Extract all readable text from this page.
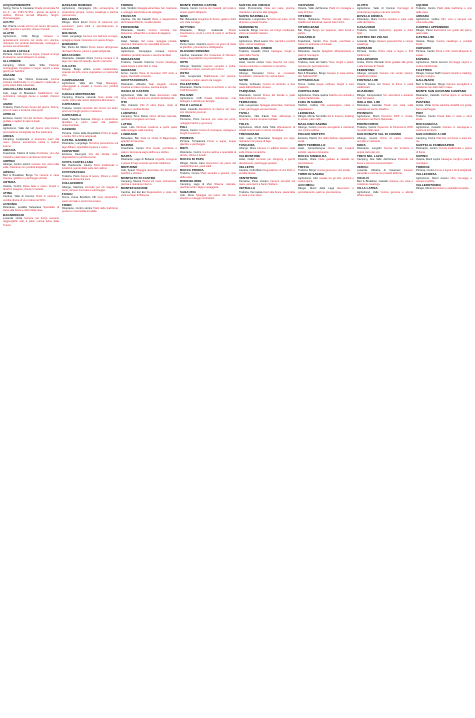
ACQUAPENDENTE
Spring, Terme S. Cassiano Strada provinciale 54 km 3 - tel. 0763.717151 - aperto da aprile a ottobre. Piscine termali all'aperto, fanghi, idromassaggio.
ACUTO
Bar, Piazza Locale storico nel centro del paese, caffè, aperitivi e spuntini; chiuso il lunedì.
ALATRI
Agriturismo, Colle Borgo Camere e appartamenti immersi nel verde con piscina, ristorante con prodotti dell'azienda, maneggio e percorsi escursionistici.
ALBANO LAZIALE
Pizzeria, Centro Forno a legna, impasti a lunga lievitazione, tavoli all'aperto in estate.
ALLUMIERE
Camping, Monti della Tolfa Piazzole ombreggiate, bungalow in legno, servizi e area giochi per bambini.
ANAGNI
Ristorante, Via Vittorio Emanuele Cucina ciociara tradizionale in un palazzo medievale a pochi passi dalla cattedrale.
ANGUILLARA SABAZIA
Lido, Lago di Bracciano Stabilimento con ombrelloni, noleggio canoe e pedalò, chiosco bar.
ANZIO
Trattoria, Porto Pesce fresco del giorno, fritture, primi di mare e terrazza vista porto.
APRILIA
Enoteca, Centro Vini del territorio, degustazioni guidate e taglieri di salumi locali.
ARCE
Agriturismo, Valle del Liri Aperto tutto l'anno, prenotazione consigliata nei fine settimana.
ARDEA
Camping, Lungomare A duecento metri dal mare, piscina, animazione estiva e market interno.
ARICCIA
Fraschetta, Piazza di Corte Porchetta, vino dei Castelli e piatti tipici in ambiente informale.
ARPINO
Albergo, Centro storico Camere con vista sulla valle, colazione con prodotti artigianali.
ARSOLI
Bed & Breakfast, Borgo Tre camere in casa d'epoca, giardino e parcheggio privato.
ARTENA
Osteria, Centro Pasta fatta a mano, funghi e tartufi in stagione, chiuso il martedì.
ATINA
Cantina, Valle di Comino Visite in cantina e vendita diretta di vino Cabernet DOC.
AUSONIA
Ristorante, Località Selvacava Specialità di carne alla brace e dolci della casa.
BAGNOREGIO
Locanda, Civita Camere nel borgo sospeso raggiungibile solo a piedi, cucina tipica della Tuscia.
BASSANO ROMANO
Agriturismo, Campagna Olio extravergine di produzione propria, cucina casalinga e piscina panoramica.
BELLEGRA
Rifugio, Monti Ernici Punto di partenza per escursioni, pasti caldi e pernottamento in camerata.
BOLSENA
Hotel, Lungolago Camere con balcone sul lago, spiaggia privata, ristorante con pesce di lago.
BOMARZO
Bar, Parco dei Mostri Punto ristoro all'ingresso del Sacro Bosco, panini e gelati artigianali.
BRACCIANO
Ristorante, Castello Orsini Cucina romana e di lago con vista sul castello, tavoli in terrazza.
CALCATA
Osteria, Borgo antico Locale caratteristico scavato nel tufo, menu vegetariano e musica dal vivo.
CAMPAGNANO
Agriturismo, Valle del Treja Maneggio, passeggiate a cavallo e cucina con prodotti biologici.
CANALE MONTERANO
Camping, Riserva naturale Area tende nel verde, vicino alle rovine dell'antica Monterano.
CAPRANICA
Trattoria, Centro Nocciole dei Cimini nei dolci, primi con funghi porcini in autunno.
CAPRAROLA
Hotel, Palazzo Farnese Albergo a conduzione familiare a pochi passi dal palazzo rinascimentale.
CASSINO
Pizzeria, Corso della Repubblica Pizza al taglio e tonda, fritti e birre artigianali.
CASTEL GANDOLFO
Ristorante, Lungolago Terrazza panoramica sul lago Albano, specialità di pesce e carne.
CERVETERI
Enoteca, Necropoli Vini del litorale nord, degustazioni e piccola cucina.
CIVITA CASTELLANA
Bar Pasticceria, Centro Dolci tradizionali e colazioni, aperto dalle sette del mattino.
CIVITAVECCHIA
Trattoria, Porto Zuppa di pesce, fritture e crudi, chiuso la domenica sera.
COLLEFERRO
Albergo, Stazione Comodo per chi viaggia in treno, camere rinnovate e parcheggio.
FIUGGI
Terme, Fonte Bonifacio VIII Cure idropiniche, parco termale e centro benessere.
FONDI
Ristorante, Centro storico Piatti della tradizione pontina e mozzarella di bufala.
FORMIA
Lido, Vindicio Spiaggia attrezzata, bar, ristorante e noleggio attrezzatura da spiaggia.
FRASCATI
Cantina, Via dei Castelli Visite e degustazioni del Frascati DOCG, vendita diretta.
FROSINONE
Ristorante, Centro Cucina ciociara con fettuccine, abbacchio e verdure di stagione.
GAETA
Hotel, Serapo Sul mare, spiaggia privata, piscina e ristorante con specialità di pesce.
GALLICANO
Agriturismo, Campagna romana Fattoria didattica, prodotti caseari e camere familiari.
GENAZZANO
Trattoria, Castello Colonna Cucina casalinga, pasta fresca e dolci fatti in casa.
GENZANO
Forno, Centro Pane di Genzano IGP cotto a legna, ciambelle e biscotti.
GROTTAFERRATA
Ristorante, Abbazia Sale eleganti, cucina creativa su base romana, cantina ampia.
ISCHIA DI CASTRO
Agriturismo, Valle del Fiora Escursioni nelle forre, cavalli e cucina con prodotti dell'azienda.
ITRI
Olio, Frantoio Olio di oliva Itrana, visite al frantoio e vendita diretta.
LADISPOLI
Camping, Torre Flavia Vicino all'oasi naturale, piazzole e bungalow sul mare.
LATINA
Hotel, Lido Struttura moderna a pochi passi dalla spiaggia, sala meeting.
LUBRIANO
Belvedere, Bar Vista su Civita di Bagnoregio, aperitivi al tramonto.
MARINO
Fraschetta, Centro Vino locale, porchetta e salumi, famosa la sagra dell'uva a ottobre.
MARTA
Ristorante, Lago di Bolsena Anguilla, coregone e pesce di lago cucinati secondo tradizione.
MINTURNO
Lido, Scauri Spiaggia attrezzata con servizi per bambini e chiosco.
MONTALTO DI CASTRO
Camping, Marina Pineta sul mare, animazione, piscina e ristorante interno.
MONTEFIASCONE
Cantina, Est Est Est Degustazioni e visite con vista sul lago di Bolsena.
MONTE PORZIO CATONE
Osteria, Centro Cucina dei Castelli, vini locali e ampio spazio all'aperto.
NEMI
Bar, Belvedere Fragoline di bosco, gelati e dolci con vista sul lago.
NETTUNO
Ristorante, Borgo medievale Pesce freschissimo, crudi e primi di mare in ambiente curato.
NINFA
Punto ristoro, Giardino Aperto nei giorni di visita al giardino, prenotazione obbligatoria.
OLEVANO ROMANO
Cantina, Cesanese Vini Cesanese di Olevano, visite e degustazioni su prenotazione.
ORTE
Albergo, Stazione Camere semplici e pulite, colazione inclusa, comodo per il treno.
OSTIA
Lido, Lungomare Stabilimento con piscina, ristorante e lettini, aperto da maggio.
PALESTRINA
Ristorante, Piazza Cucina di territorio e vini dei Colli Prenestini.
PALIANO
Agriturismo, Colli Casale ristrutturato, orto biologico e attività per famiglie.
PALO LAZIALE
Hotel, Castello Residenza di charme sul mare con ristorante gourmet.
PONZA
Pensione, Porto Camere con vista sul porto, noleggio barche e gommoni.
POLI
Osteria, Centro Cucina di montagna, castagne e funghi in autunno.
POMEZIA
Pizzeria, Torvaianica Forno a legna, ampio giardino e parcheggio.
RIETI
Ristorante, Centro Cucina sabina e specialità al tartufo, chiuso il lunedì.
ROCCA DI PAPA
Rifugio, Monte Cavo Escursioni nel parco dei Castelli Romani, pasti caldi.
ROCCA PRIORA
Trattoria, Centro Piatti semplici e genuini, vino della casa.
RONCIGLIONE
Camping, Lago di Vico Riserva naturale, piazzole sotto i faggi e spiaggetta.
SABAUDIA
Lido, Dune Spiaggia nel parco del Circeo, chiosco e noleggio ombrelloni.
SAN FELICE CIRCEO
Hotel, Promontorio Vista sul mare, piscina, ristorante e accesso alla spiaggia.
SANTA MARINELLA
Ristorante, Lungomare Terrazza sul mare, crudi di pesce e paste fresche.
SERMONETA
Locanda, Borgo Camere nel borgo medievale, vicino al castello Caetani.
SEZZE
Agriturismo, Monti Lepini Olio, carciofi e prodotti tipici, cucina casalinga.
SORIANO NEL CIMINO
Trattoria, Castello Orsini Castagne, funghi e piatti della Tuscia.
SPERLONGA
Hotel, Centro storico Case bianche sul mare, camere luminose e colazione in terrazza.
SUBIACO
Albergo, Monasteri Vicino ai monasteri benedettini, ristorante con cucina tipica.
SUTRI
Osteria, Anfiteatro Cucina di territorio a due passi dall'anfiteatro romano.
TARQUINIA
Ristorante, Centro Pesce del litorale e piatti della tradizione etrusca.
TERRACINA
Lido, Lungomare Spiaggia attrezzata, ristorante e bar, parcheggio convenzionato.
TIVOLI
Ristorante, Villa d'Este Sale affrescate e terrazza, cucina romana rivisitata.
TOLFA
Agriturismo, Monti della Tolfa Allevamento di cavalli maremmani e cucina contadina.
TREVIGNANO
Lido, Lago di Bracciano Spiaggia sul lago, ristorante con pesce di lago.
TUSCANIA
Albergo, Mura Camere in edificio storico, vista sulle chiese romaniche.
VALMONTONE
Hotel, Outlet Comodo per shopping e parchi divertimento, parcheggio gratuito.
VELLETRI
Cantina, Colli Albani Degustazioni di vini DOC e vendita diretta.
VENTOTENE
Pensione, Porto romano Camere semplici sul mare, escursioni a Santo Stefano.
VETRALLA
Trattoria, Via Cassia Carni alla brace, pasta fatta in casa e vino sfuso.
VICOVARO
Osteria, Valle dell'Aniene Piatti di montagna e trote di fiume.
VITERBO
Terme, Bullicame Piscine termali libere e stabilimenti attrezzati, aperto tutto l'anno.
VITORCHIANO
Bar, Borgo Borgo sul peperino, dolci locali e panini.
ZAGAROLO
Fraschetta, Centro Vino locale, porchetta e salumi in ambiente conviviale.
AMATRICE
Ristorante, Centro Spaghetti all'amatriciana e piatti di montagna.
ANTRODOCO
Trattoria, Gole del Velino Trote, funghi e tartufi, camere per pernottamento.
CASPERIA
Bed & Breakfast, Borgo Camere in casa antica, olio Sabina DOP.
CITTADUCALE
Terme, Cotilia Acque sulfuree, fanghi e cure inalatorie.
CONTIGLIANO
Agriturismo, Piana reatina Fattoria con animali e cucina tradizionale.
FARA IN SABINA
Oleificio, Colline Olio extravergine, visite e degustazioni.
LEONESSA
Rifugio, Monte Terminillo Sci in inverno, trekking in estate, pasti caldi.
MAGLIANO SABINA
Albergo, Centro Camere accoglienti e ristorante con cucina sabina.
POGGIO MIRTETO
Enoteca, Piazza Vini della Sabina, degustazioni serali.
RIETI TERMINILLO
Hotel, Campoforogna Vicino agli impianti sciistici, sauna e ristorante.
ROCCA SINIBALDA
Castello, Visite Visite guidate al castello su prenotazione.
TOFFIA
Trattoria, Borgo Cucina genuina e vino locale.
TORRI IN SABINA
Agriturismo, Ulivi Casale tra gli ulivi, piscina e cucina tipica.
ACCUMOLI
Rifugio, Monti della Laga Escursioni e pernottamento, pasti su prenotazione.
ALVITO
Agriturismo, Valle di Comino Formaggi di produzione propria e camere rustiche.
BOVILLE ERNICA
Ristorante, Mura Cucina ciociara e vista sulla valle del Sacco.
CASALVIERI
Trattoria, Centro Fettuccine, agnello e dolci tipici.
CASTRO DEI VOLSCI
Locanda, Borgo Camere panoramiche e cucina casalinga.
CEPRANO
Pizzeria, Centro Pizza cotta a legna e fritti tradizionali.
COLLEPARDO
Grotte, Pozzo d'Antullo Visite guidate alle grotte e alla Certosa di Trisulti.
FERENTINO
Albergo, Acropoli Camere nel centro storico, colazione inclusa.
FONTANA LIRI
Osteria, Fiume Liri Pesce di fiume e piatti tradizionali.
GUARCINO
Rifugio, Campocatino Sci, escursioni e amaretti tipici del paese.
ISOLA DEL LIRI
Ristorante, Cascata Tavoli con vista sulla cascata nel centro cittadino.
PICINISCO
Agriturismo, Monti Pecorino DOP e ricotta, escursioni nel Parco Nazionale.
PONTECORVO
Trattoria, Centro Peperone di Pontecorvo DOP nei piatti della casa.
SAN DONATO VAL DI COMINO
Albergo, Centro Vicino al parco, camere semplici e ristorante.
SORA
Ristorante, Lungoliri Cucina del territorio e ampia carta dei vini.
TREVI NEL LAZIO
Camping, Alta Valle dell'Aniene Piazzole sul fiume e percorsi escursionistici.
VEROLI
Locanda, Abbazia di Casamari Camere tranquille e cucina con prodotti dell'orto.
VICALVI
Bed & Breakfast, Castello Camere con vista e colazione casalinga.
VILLA LATINA
Agriturismo, Valle Cucina genuina e attività all'aria aperta.
AQUINO
Trattoria, Centro Piatti della tradizione e vino della casa.
ARNARA
Agriturismo, Colline Olio, vino e camere con vista sulla valle.
CAMPOLI APPENNINO
Rifugio, Parco Escursioni con guide del parco, pasti caldi.
CASTELLIRI
Osteria, Borgo Cucina casalinga e prodotti locali.
CERVARO
Pizzeria, Centro Pizza e fritti, tavoli all'aperto in estate.
ESPERIA
Agriturismo, Monti Aurunci Formaggi caprini e cucina tradizionale.
FILETTINO
Rifugio, Campo Staffi Impianti sciistici e trekking, camere in legno.
GALLINARO
Bed & Breakfast, Borgo Camere accoglienti e colazione con dolci fatti in casa.
MONTE SAN GIOVANNI CAMPANO
Ristorante, Castello Cucina tipica in ambiente storico.
PASTENA
Grotte, Visite Grotte carsiche visitabili con guida, bar e parcheggio.
POFI
Trattoria, Centro Pasta fatta in casa e carni locali.
ROCCASECCA
Agriturismo, Castello Camere in campagna e cucina di territorio.
SAN GIORGIO A LIRI
Camping, Fiume Piazzole sul fiume e area pic-nic.
SANT'ELIA FIUMERAPIDO
Ristorante, Centro Cucina tradizionale e pesce di fiume.
SUPINO
Osteria, Monti Lepini Castagne, funghi e piatti di montagna.
TORRICE
Pizzeria, Centro Forno a legna e birre artigianali.
VALLECORSA
Agriturismo, Monti Ausoni Olio, formaggi e camere rustiche.
VALLEROTONDA
Rifugio, Monti Escursioni e ospitalità semplice.
